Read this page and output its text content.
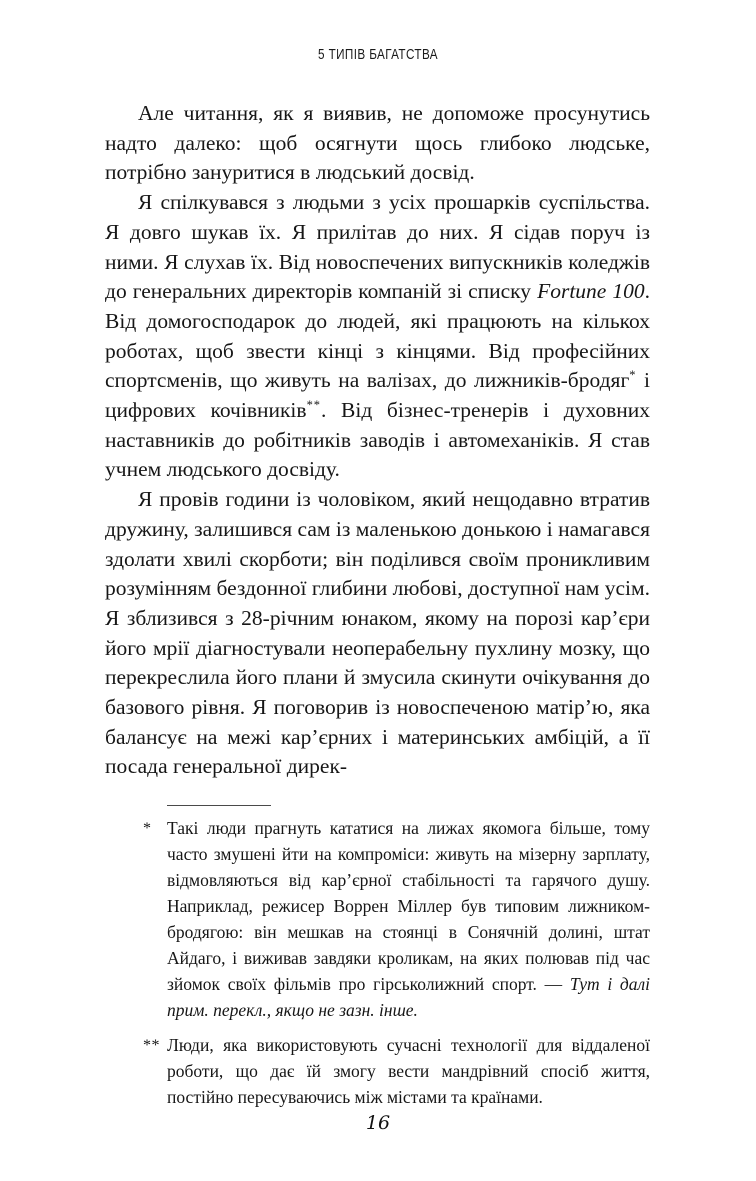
5 ТИПІВ БАГАТСТВА

Але читання, як я виявив, не допоможе просунутись надто далеко: щоб осягнути щось глибоко людське, потрібно зануритися в людський досвід.

Я спілкувався з людьми з усіх прошарків суспільства. Я довго шукав їх. Я прилітав до них. Я сідав поруч із ними. Я слухав їх. Від новоспечених випускників коледжів до генеральних директорів компаній зі списку Fortune 100. Від домогосподарок до людей, які працюють на кількох роботах, щоб звести кінці з кінцями. Від професійних спортсменів, що живуть на валізах, до лижників-бродяг* і цифрових кочівників**. Від бізнес-тренерів і духовних наставників до робітників заводів і автомеханіків. Я став учнем людського досвіду.

Я провів години із чоловіком, який нещодавно втратив дружину, залишився сам із маленькою донькою і намагався здолати хвилі скорботи; він поділився своїм проникливим розумінням бездонної глибини любові, доступної нам усім. Я зблизився з 28-річним юнаком, якому на порозі кар’єри його мрії діагностували неоперабельну пухлину мозку, що перекреслила його плани й змусила скинути очікування до базового рівня. Я поговорив із новоспеченою матір’ю, яка балансує на межі кар’єрних і материнських амбіцій, а її посада генеральної дирек-

* Такі люди прагнуть кататися на лижах якомога більше, тому часто змушені йти на компроміси: живуть на мізерну зарплату, відмовляються від кар’єрної стабільності та гарячого душу. Наприклад, режисер Воррен Міллер був типовим лижником-бродягою: він мешкав на стоянці в Сонячній долині, штат Айдаго, і виживав завдяки кроликам, на яких полював під час зйомок своїх фільмів про гірськолижний спорт. — Тут і далі прим. перекл., якщо не зазн. інше.
** Люди, яка використовують сучасні технології для віддаленої роботи, що дає їй змогу вести мандрівний спосіб життя, постійно пересуваючись між містами та країнами.
16
